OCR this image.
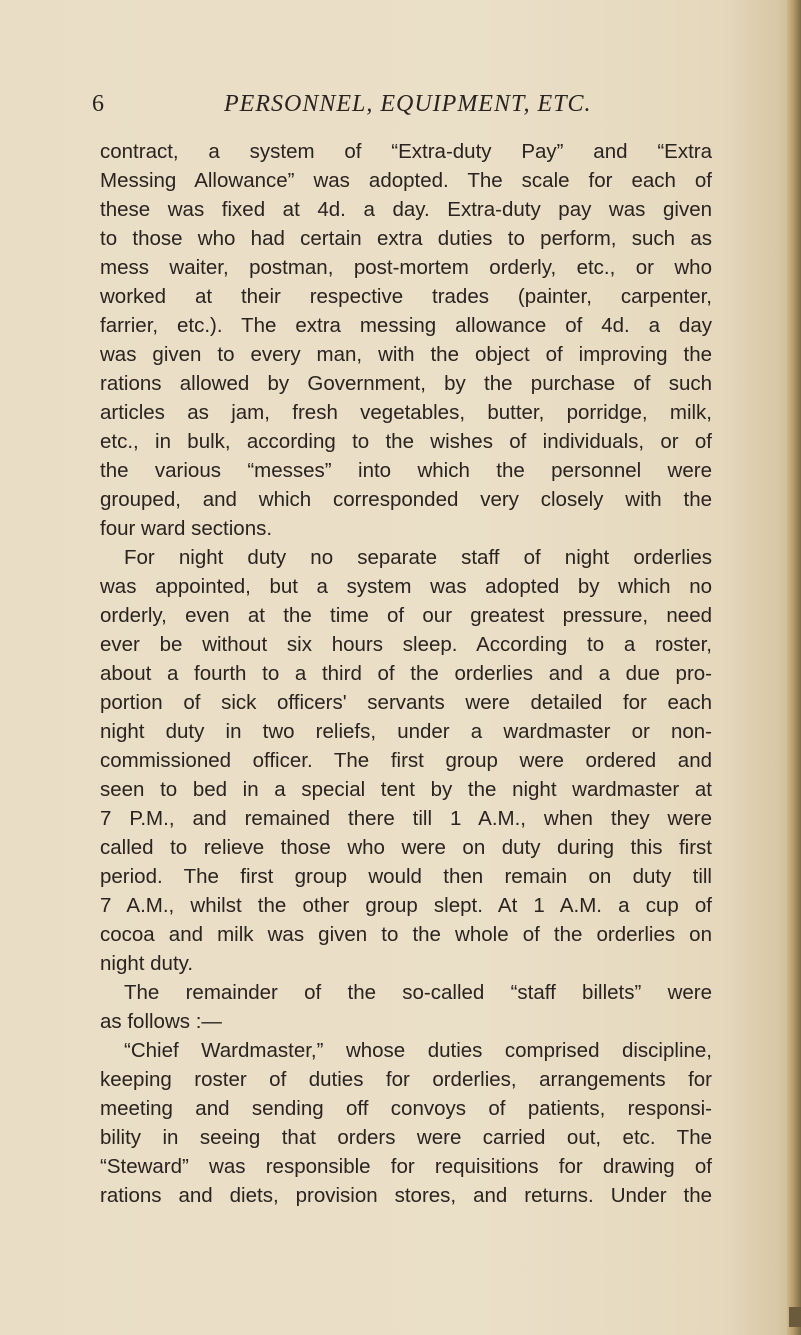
6	PERSONNEL, EQUIPMENT, ETC.
contract, a system of “Extra-duty Pay” and “Extra
Messing Allowance” was adopted. The scale for each of
these was fixed at 4d. a day. Extra-duty pay was given
to those who had certain extra duties to perform, such as
mess waiter, postman, post-mortem orderly, etc., or who
worked at their respective trades (painter, carpenter,
farrier, etc.). The extra messing allowance of 4d. a day
was given to every man, with the object of improving the
rations allowed by Government, by the purchase of such
articles as jam, fresh vegetables, butter, porridge, milk,
etc., in bulk, according to the wishes of individuals, or of
the various “messes” into which the personnel were
grouped, and which corresponded very closely with the
four ward sections.
For night duty no separate staff of night orderlies
was appointed, but a system was adopted by which no
orderly, even at the time of our greatest pressure, need
ever be without six hours sleep. According to a roster,
about a fourth to a third of the orderlies and a due pro-
portion of sick officers' servants were detailed for each
night duty in two reliefs, under a wardmaster or non-
commissioned officer. The first group were ordered and
seen to bed in a special tent by the night wardmaster at
7 P.M., and remained there till 1 A.M., when they were
called to relieve those who were on duty during this first
period. The first group would then remain on duty till
7 A.M., whilst the other group slept. At 1 A.M. a cup of
cocoa and milk was given to the whole of the orderlies on
night duty.
The remainder of the so-called “staff billets” were
as follows :—
“Chief Wardmaster,” whose duties comprised discipline,
keeping roster of duties for orderlies, arrangements for
meeting and sending off convoys of patients, responsi-
bility in seeing that orders were carried out, etc. The
“Steward” was responsible for requisitions for drawing of
rations and diets, provision stores, and returns. Under the
